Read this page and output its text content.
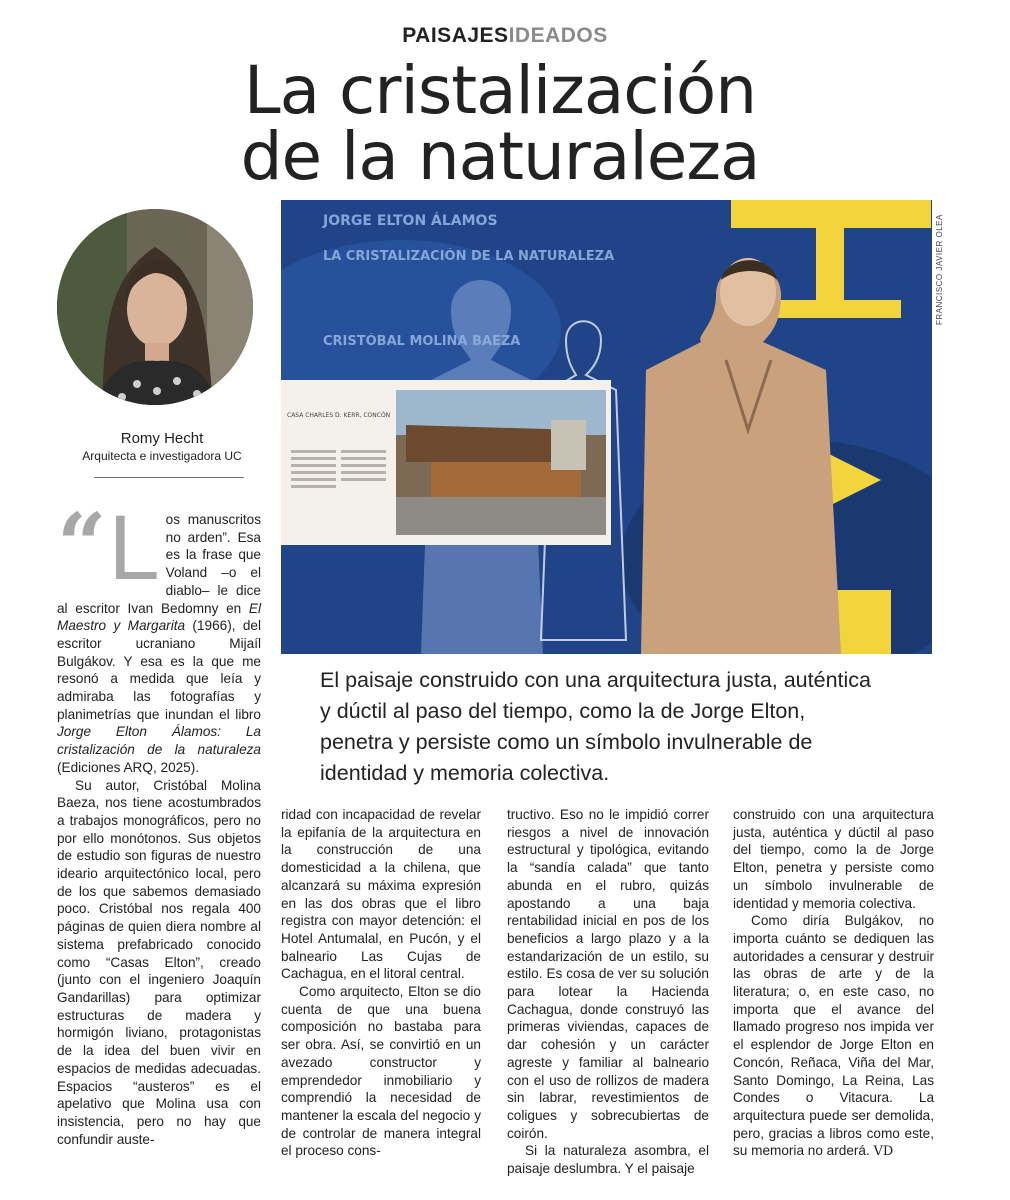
PAISAJESIDEADOS
La cristalización
de la naturaleza
Romy Hecht
Arquitecta e investigadora UC
CASA CHARLES D. KERR, CONCÓN
JORGE ELTON ÁLAMOS
LA CRISTALIZACIÓN DE LA NATURALEZA
CRISTÓBAL MOLINA BAEZA
FRANCISCO JAVIER OLEA

El paisaje construido con una arquitectura justa, auténtica y dúctil al paso del tiempo, como la de Jorge Elton, penetra y persiste como un símbolo invulnerable de identidad y memoria colectiva.

“ L os manuscritos no arden”. Esa es la frase que Voland –o el diablo– le dice al escritor Ivan Bedomny en El Maestro y Margarita (1966), del escritor ucraniano Mijaíl Bulgákov. Y esa es la que me resonó a medida que leía y admiraba las fotografías y planimetrías que inundan el libro Jorge Elton Álamos: La cristalización de la naturaleza (Ediciones ARQ, 2025).

Su autor, Cristóbal Molina Baeza, nos tiene acostumbrados a trabajos monográficos, pero no por ello monótonos. Sus objetos de estudio son figuras de nuestro ideario arquitectónico local, pero de los que sabemos demasiado poco. Cristóbal nos regala 400 páginas de quien diera nombre al sistema prefabricado conocido como “Casas Elton”, creado (junto con el ingeniero Joaquín Gandarillas) para optimizar estructuras de madera y hormigón liviano, protagonistas de la idea del buen vivir en espacios de medidas adecuadas. Espacios “austeros” es el apelativo que Molina usa con insistencia, pero no hay que confundir auste-

ridad con incapacidad de revelar la epifanía de la arquitectura en la construcción de una domesticidad a la chilena, que alcanzará su máxima expresión en las dos obras que el libro registra con mayor detención: el Hotel Antumalal, en Pucón, y el balneario Las Cujas de Cachagua, en el litoral central.

Como arquitecto, Elton se dio cuenta de que una buena composición no bastaba para ser obra. Así, se convirtió en un avezado constructor y emprendedor inmobiliario y comprendió la necesidad de mantener la escala del negocio y de controlar de manera integral el proceso cons-

tructivo. Eso no le impidió correr riesgos a nivel de innovación estructural y tipológica, evitando la “sandía calada” que tanto abunda en el rubro, quizás apostando a una baja rentabilidad inicial en pos de los beneficios a largo plazo y a la estandarización de un estilo, su estilo. Es cosa de ver su solución para lotear la Hacienda Cachagua, donde construyó las primeras viviendas, capaces de dar cohesión y un carácter agreste y familiar al balneario con el uso de rollizos de madera sin labrar, revestimientos de coligues y sobrecubiertas de coirón.

Si la naturaleza asombra, el paisaje deslumbra. Y el paisaje

construido con una arquitectura justa, auténtica y dúctil al paso del tiempo, como la de Jorge Elton, penetra y persiste como un símbolo invulnerable de identidad y memoria colectiva.

Como diría Bulgákov, no importa cuánto se dediquen las autoridades a censurar y destruir las obras de arte y de la literatura; o, en este caso, no importa que el avance del llamado progreso nos impida ver el esplendor de Jorge Elton en Concón, Reñaca, Viña del Mar, Santo Domingo, La Reina, Las Condes o Vitacura. La arquitectura puede ser demolida, pero, gracias a libros como este, su memoria no arderá. VD
